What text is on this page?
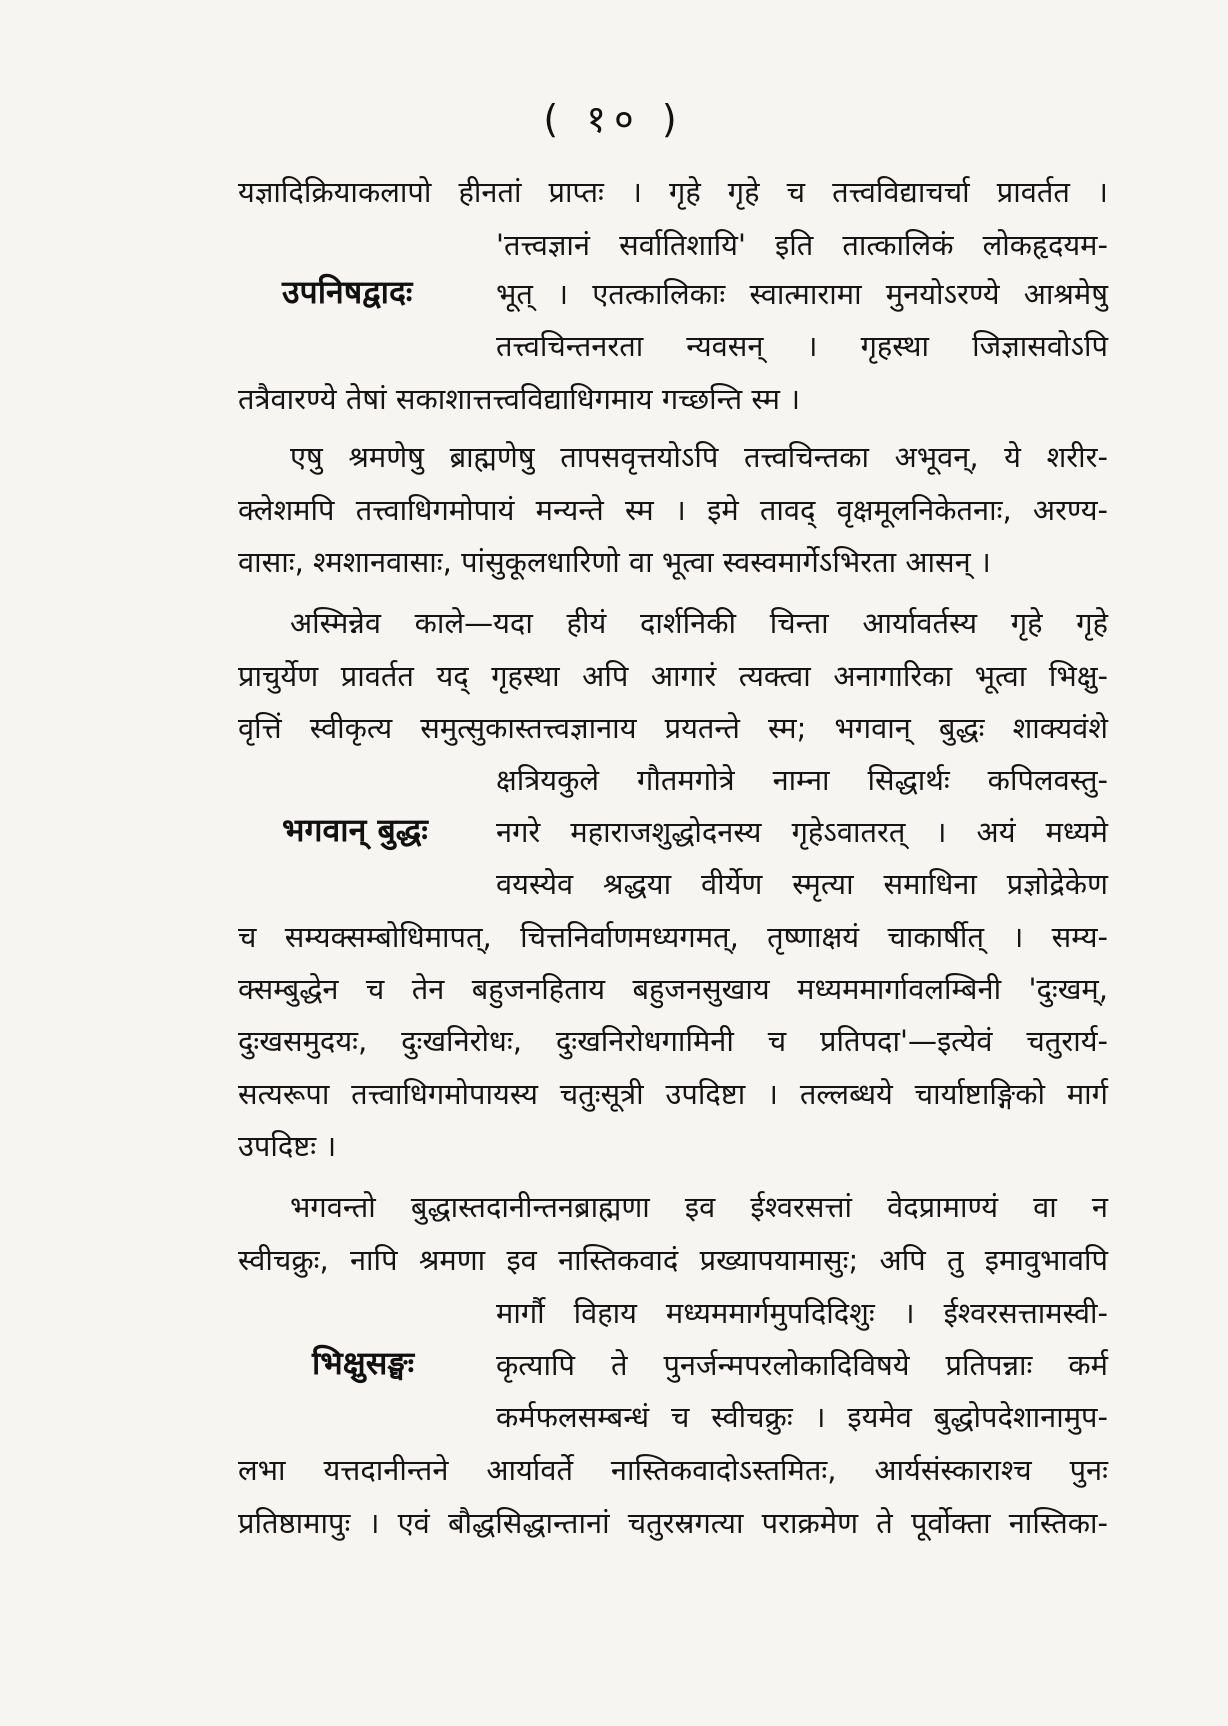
( १० )
यज्ञादिक्रियाकलापो हीनतां प्राप्तः । गृहे गृहे च तत्त्वविद्याचर्चा प्रावर्तत ।
'तत्त्वज्ञानं सर्वातिशायि' इति तात्कालिकं लोकहृदयम-
उपनिषद्वादः	भूत् । एतत्कालिकाः स्वात्मारामा मुनयोऽरण्ये आश्रमेषु
तत्त्वचिन्तनरता न्यवसन् । गृहस्था जिज्ञासवोऽपि
तत्रैवारण्ये तेषां सकाशात्तत्त्वविद्याधिगमाय गच्छन्ति स्म ।
एषु श्रमणेषु ब्राह्मणेषु तापसवृत्तयोऽपि तत्त्वचिन्तका अभूवन्, ये शरीर-
क्लेशमपि तत्त्वाधिगमोपायं मन्यन्ते स्म । इमे तावद् वृक्षमूलनिकेतनाः, अरण्य-
वासाः, श्मशानवासाः, पांसुकूलधारिणो वा भूत्वा स्वस्वमार्गेऽभिरता आसन् ।
अस्मिन्नेव काले—यदा हीयं दार्शनिकी चिन्ता आर्यावर्तस्य गृहे गृहे
प्राचुर्येण प्रावर्तत यद् गृहस्था अपि आगारं त्यक्त्वा अनागारिका भूत्वा भिक्षु-
वृत्तिं स्वीकृत्य समुत्सुकास्तत्त्वज्ञानाय प्रयतन्ते स्म; भगवान् बुद्धः शाक्यवंशे
क्षत्रियकुले गौतमगोत्रे नाम्ना सिद्धार्थः कपिलवस्तु-
भगवान् बुद्धः नगरे महाराजशुद्धोदनस्य गृहेऽवातरत् । अयं मध्यमे
वयस्येव श्रद्धया वीर्येण स्मृत्या समाधिना प्रज्ञोद्रेकेण
च सम्यक्सम्बोधिमापत्, चित्तनिर्वाणमध्यगमत्, तृष्णाक्षयं चाकार्षीत् । सम्य-
क्सम्बुद्धेन च तेन बहुजनहिताय बहुजनसुखाय मध्यममार्गावलम्बिनी 'दुःखम्,
दुःखसमुदयः, दुःखनिरोधः, दुःखनिरोधगामिनी च प्रतिपदा'—इत्येवं चतुरार्य-
सत्यरूपा तत्त्वाधिगमोपायस्य चतुःसूत्री उपदिष्टा । तल्लब्धये चार्याष्टाङ्गिको मार्ग
उपदिष्टः ।
भगवन्तो बुद्धास्तदानीन्तनब्राह्मणा इव ईश्वरसत्तां वेदप्रामाण्यं वा न
स्वीचक्रुः, नापि श्रमणा इव नास्तिकवादं प्रख्यापयामासुः; अपि तु इमावुभावपि
मार्गौ विहाय मध्यममार्गमुपदिदिशुः । ईश्वरसत्तामस्वी-
भिक्षुसङ्घः	कृत्यापि ते पुनर्जन्मपरलोकादिविषये प्रतिपन्नाः कर्म
कर्मफलसम्बन्धं च स्वीचक्रुः । इयमेव बुद्धोपदेशानामुप-
लभा यत्तदानीन्तने आर्यावर्ते नास्तिकवादोऽस्तमितः, आर्यसंस्काराश्च पुनः
प्रतिष्ठामापुः । एवं बौद्धसिद्धान्तानां चतुरस्रगत्या पराक्रमेण ते पूर्वोक्ता नास्तिका-
